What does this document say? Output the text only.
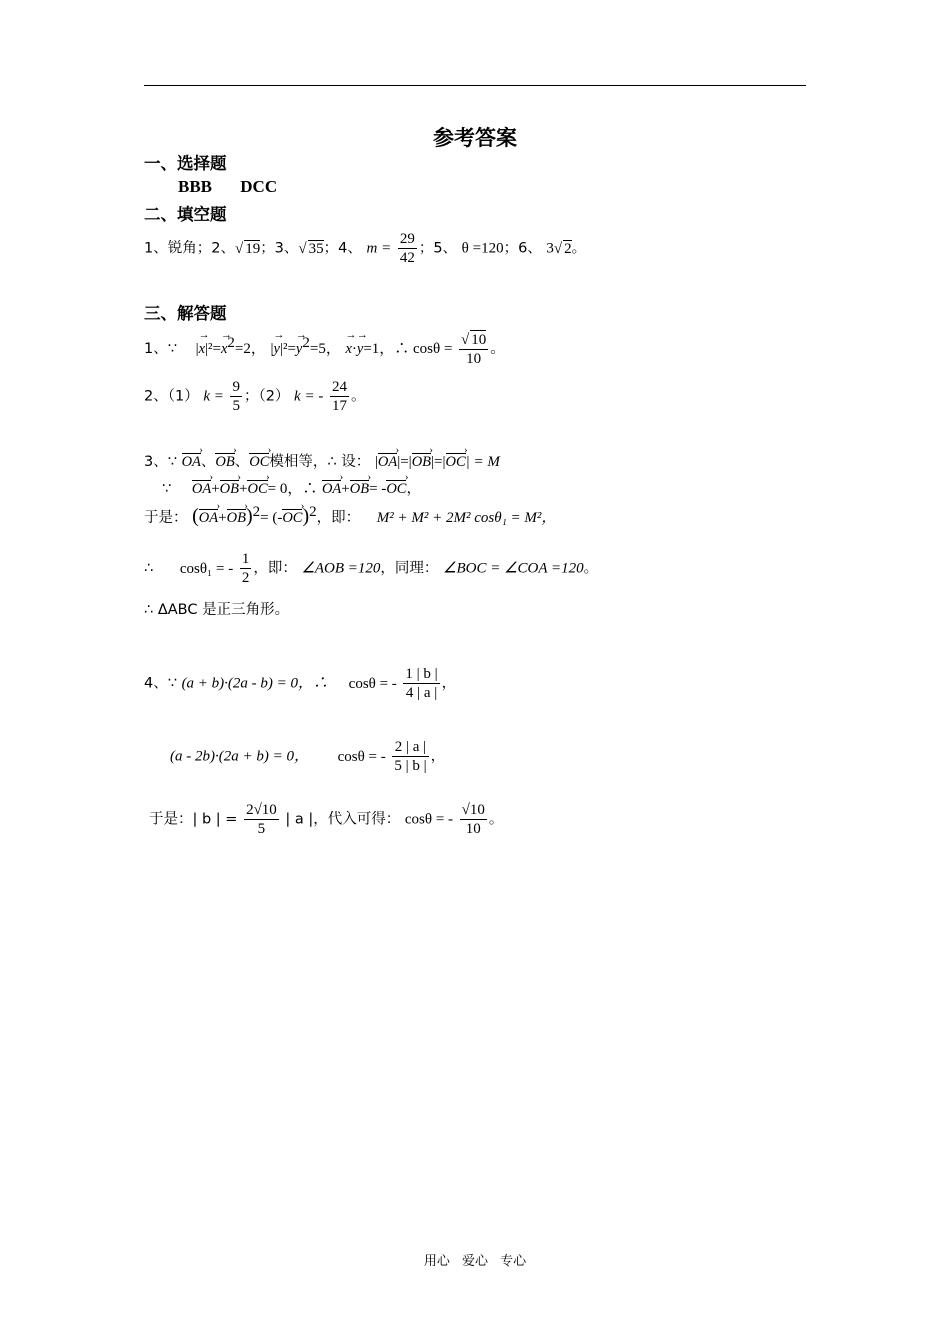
参考答案
一、选择题
BBB DCC
二、填空题
1、锐角；2、√ 19；3、√ 35；4、 $m = \frac{29}{42}$ ；5、 θ =120；6、 3√ 2。
三、解答题
1、∵ |→ $x|^2=\to x^2=2$， |→ $y|^2=\to y^2=5$， → x·→ y=1，∴ $\cos\theta = \frac{√ 10}{10}$ 。
2、（1） $k = \frac{9}{5}$ ；（2） k = - $\frac{24}{17}$ 。
3、∵ OA ›、OB ›、OC ›模相等，∴ 设： |OA ›|=|OB ›|=|OC ›| = M
∵ OA ›+OB ›+OC ›= 0，∴ OA ›+OB ›= -OC ›，
于是： (OA ›+OB ›)$^2$= (-OC ›)$^2$，即： M² + M² + 2M² cosθ₁ = M²，
∴ cosθ₁ = - $\frac{1}{2}$ ，即： ∠AOB =120，同理： ∠BOC = ∠COA =120。
∴ ΔABC 是正三角形。
4、∵ (a + b)·(2a - b) = 0，∴ cosθ = - $\frac{1 | b |}{4 | a |}$ ，
(a - 2b)·(2a + b) = 0， cosθ = - $\frac{2 | a |}{5 | b |}$ ，
于是：| b | = $\frac{2√10}{5}$ | a |，代入可得： cosθ = - $\frac{√10}{10}$ 。
用心 爱心 专心
